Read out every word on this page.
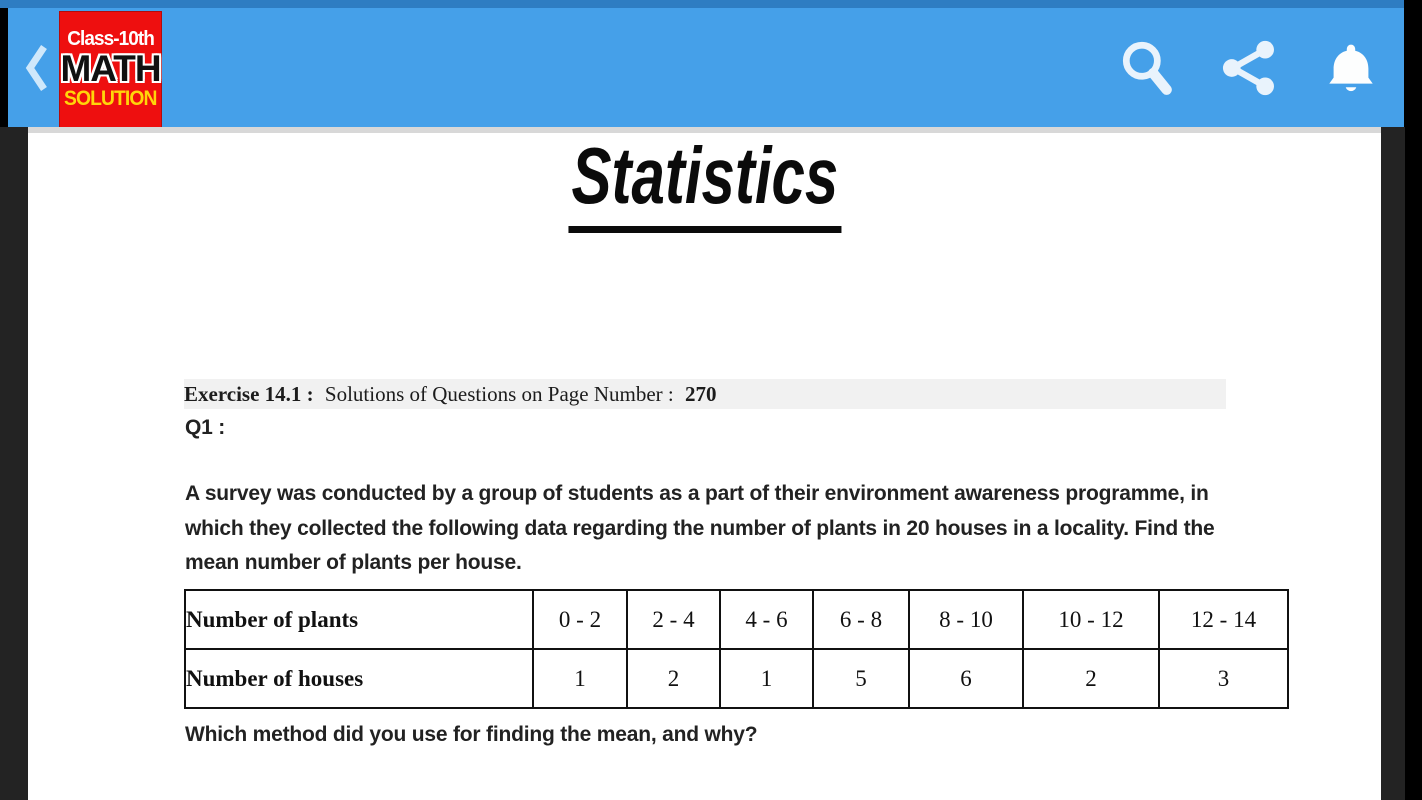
Class-10th
MATH
SOLUTION
Statistics
Exercise 14.1 : Solutions of Questions on Page Number : 270
Q1 :
A survey was conducted by a group of students as a part of their environment awareness programme, in
which they collected the following data regarding the number of plants in 20 houses in a locality. Find the
mean number of plants per house.
Number of plants	0 - 2	2 - 4	4 - 6	6 - 8	8 - 10	10 - 12	12 - 14
Number of houses	1	2	1	5	6	2	3
Which method did you use for finding the mean, and why?
